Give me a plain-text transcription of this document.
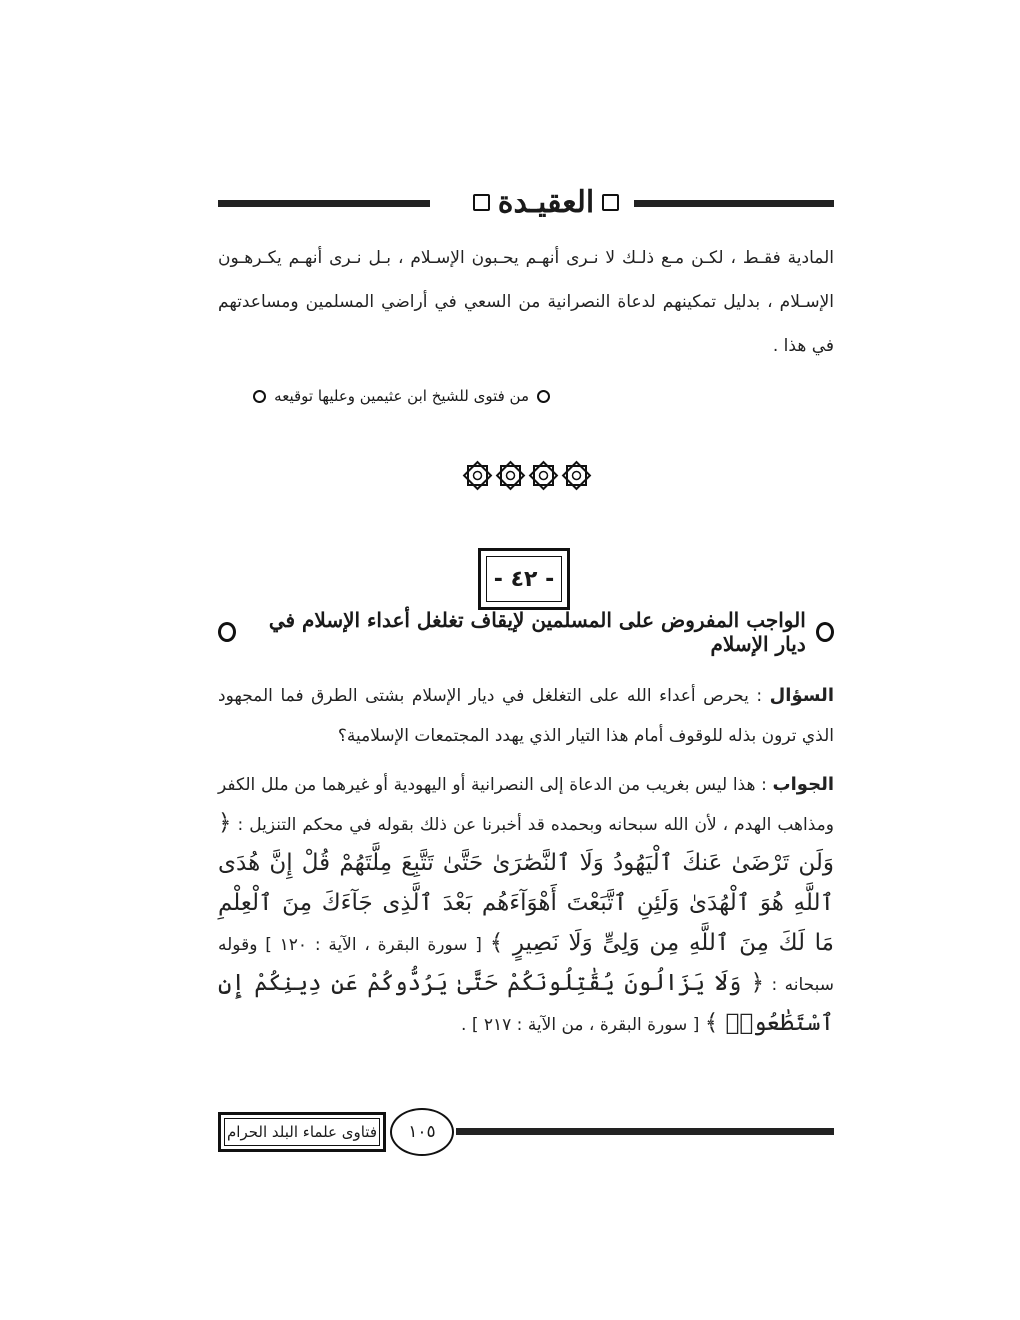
العقيـدة
المادية فقـط ، لكـن مـع ذلـك لا نـرى أنهـم يحـبون الإسـلام ، بـل نـرى أنهـم يكـرهـون الإسـلام ، بدليل تمكينهم لدعاة النصرانية من السعي في أراضي المسلمين ومساعدتهم في هذا .
من فتوى للشيخ ابن عثيمين وعليها توقيعه
- ٤٢ -
الواجب المفروض على المسلمين لإيقاف تغلغل أعداء الإسلام في ديار الإسلام
السؤال : يحرص أعداء الله على التغلغل في ديار الإسلام بشتى الطرق فما المجهود الذي ترون بذله للوقوف أمام هذا التيار الذي يهدد المجتمعات الإسلامية؟
الجواب : هذا ليس بغريب من الدعاة إلى النصرانية أو اليهودية أو غيرهما من ملل الكفر ومذاهب الهدم ، لأن الله سبحانه وبحمده قد أخبرنا عن ذلك بقوله في محكم التنزيل : ﴿ وَلَن تَرْضَىٰ عَنكَ ٱلْيَهُودُ وَلَا ٱلنَّصَٰرَىٰ حَتَّىٰ تَتَّبِعَ مِلَّتَهُمْ قُلْ إِنَّ هُدَى ٱللَّهِ هُوَ ٱلْهُدَىٰ وَلَئِنِ ٱتَّبَعْتَ أَهْوَآءَهُم بَعْدَ ٱلَّذِى جَآءَكَ مِنَ ٱلْعِلْمِ مَا لَكَ مِنَ ٱللَّهِ مِن وَلِىٍّ وَلَا نَصِيرٍ ﴾ [ سورة البقرة ، الآية : ١٢٠ ] وقوله سبحانه : ﴿ وَلَا يَزَالُونَ يُقَٰتِلُونَكُمْ حَتَّىٰ يَرُدُّوكُمْ عَن دِينِكُمْ إِنِ ٱسْتَطَٰعُوا۟ ﴾ [ سورة البقرة ، من الآية : ٢١٧ ] .
فتاوى علماء البلد الحرام	١٠٥
